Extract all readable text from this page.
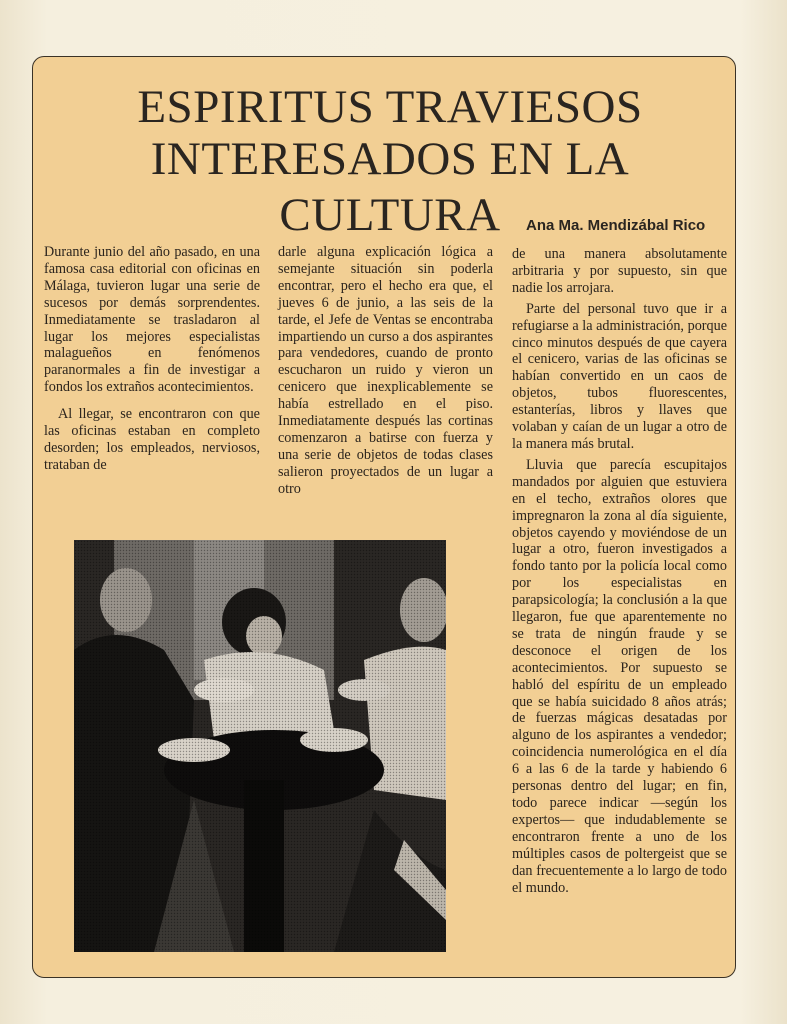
ESPIRITUS TRAVIESOS
INTERESADOS EN LA
CULTURA	Ana Ma. Mendizábal Rico

Durante junio del año pasado, en una famosa casa editorial con oficinas en Málaga, tuvieron lugar una serie de sucesos por demás sorprendentes. Inmediatamente se trasladaron al lugar los mejores especialistas malagueños en fenómenos paranormales a fin de investigar a fondos los extraños acontecimientos.

Al llegar, se encontraron con que las oficinas estaban en completo desorden; los empleados, nerviosos, trataban de

darle alguna explicación lógica a semejante situación sin poderla encontrar, pero el hecho era que, el jueves 6 de junio, a las seis de la tarde, el Jefe de Ventas se encontraba impartiendo un curso a dos aspirantes para vendedores, cuando de pronto escucharon un ruido y vieron un cenicero que inexplicablemente se había estrellado en el piso. Inmediatamente después las cortinas comenzaron a batirse con fuerza y una serie de objetos de todas clases salieron proyectados de un lugar a otro

de una manera absolutamente arbitraria y por supuesto, sin que nadie los arrojara.

Parte del personal tuvo que ir a refugiarse a la administración, porque cinco minutos después de que cayera el cenicero, varias de las oficinas se habían convertido en un caos de objetos, tubos fluorescentes, estanterías, libros y llaves que volaban y caían de un lugar a otro de la manera más brutal.

Lluvia que parecía escupitajos mandados por alguien que estuviera en el techo, extraños olores que impregnaron la zona al día siguiente, objetos cayendo y moviéndose de un lugar a otro, fueron investigados a fondo tanto por la policía local como por los especialistas en parapsicología; la conclusión a la que llegaron, fue que aparentemente no se trata de ningún fraude y se desconoce el origen de los acontecimientos. Por supuesto se habló del espíritu de un empleado que se había suicidado 8 años atrás; de fuerzas mágicas desatadas por alguno de los aspirantes a vendedor; coincidencia numerológica en el día 6 a las 6 de la tarde y habiendo 6 personas dentro del lugar; en fin, todo parece indicar —según los expertos— que indudablemente se encontraron frente a uno de los múltiples casos de poltergeist que se dan frecuentemente a lo largo de todo el mundo.
